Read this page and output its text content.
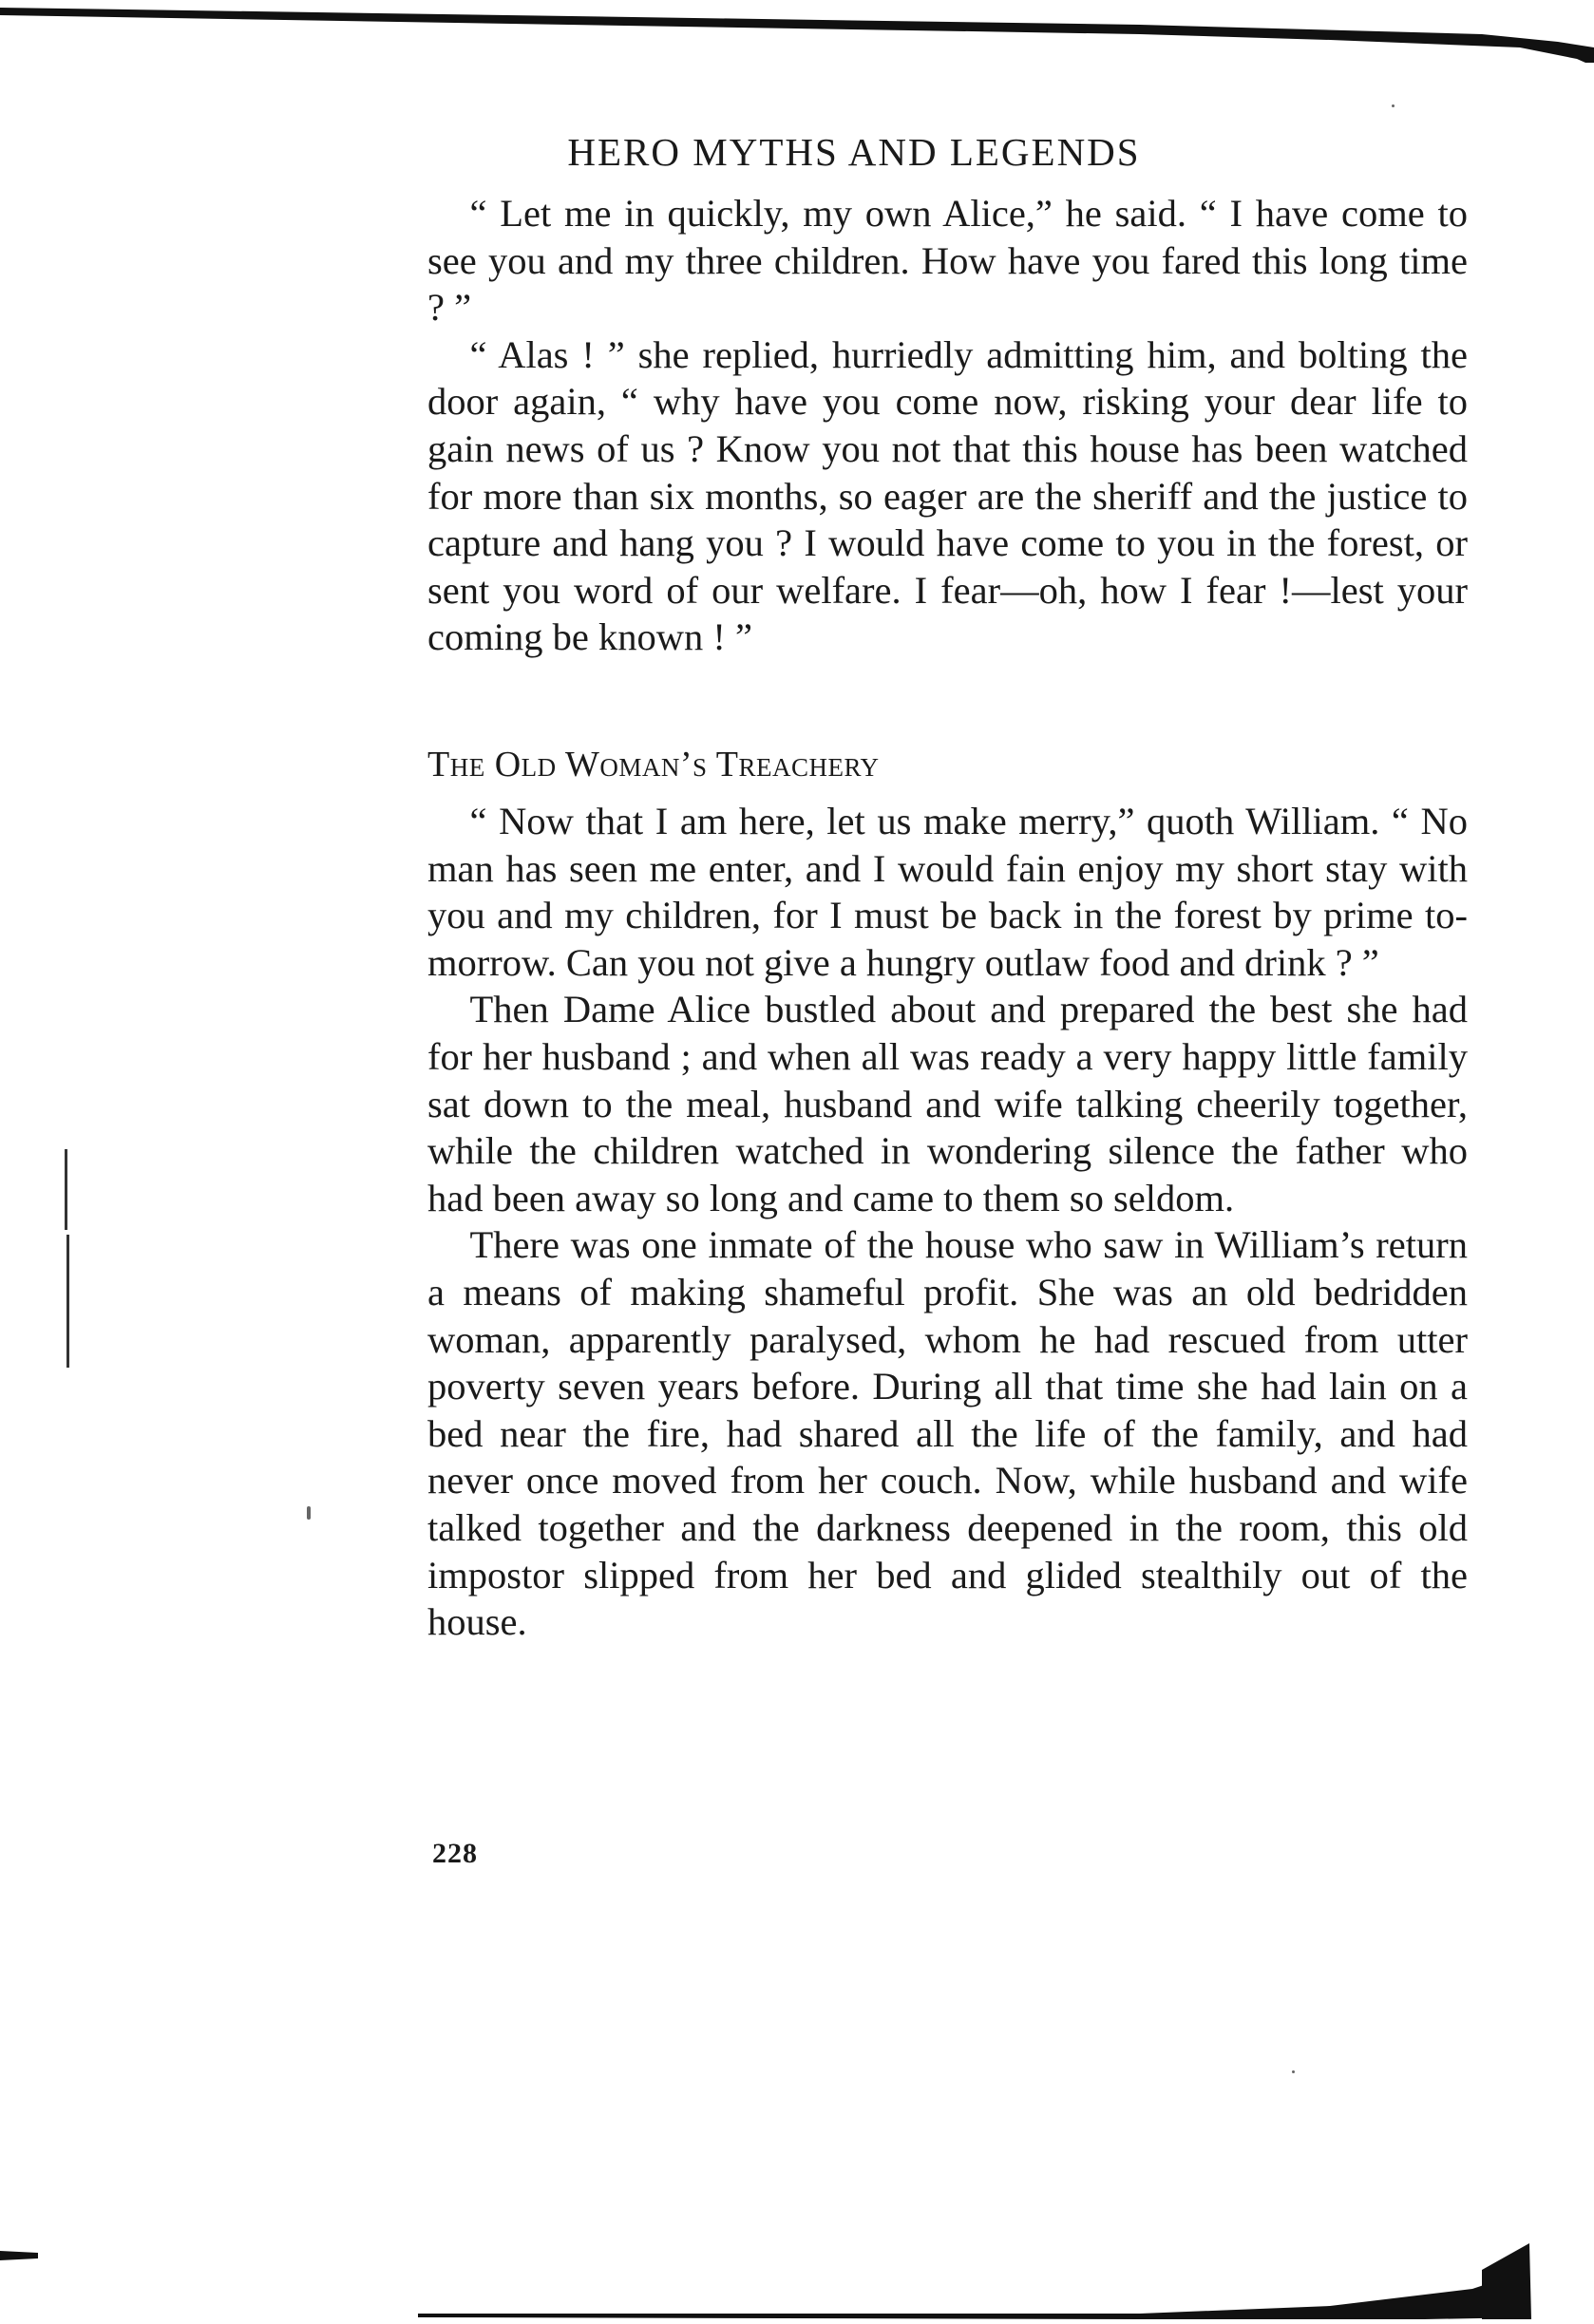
HERO MYTHS AND LEGENDS

“ Let me in quickly, my own Alice,” he said. “ I have come to see you and my three children. How have you fared this long time ? ”

“ Alas ! ” she replied, hurriedly admitting him, and bolting the door again, “ why have you come now, risking your dear life to gain news of us ? Know you not that this house has been watched for more than six months, so eager are the sheriff and the justice to capture and hang you ? I would have come to you in the forest, or sent you word of our welfare. I fear—oh, how I fear !—lest your coming be known ! ”

The Old Woman’s Treachery

“ Now that I am here, let us make merry,” quoth William. “ No man has seen me enter, and I would fain enjoy my short stay with you and my children, for I must be back in the forest by prime to-morrow. Can you not give a hungry outlaw food and drink ? ”

Then Dame Alice bustled about and prepared the best she had for her husband ; and when all was ready a very happy little family sat down to the meal, husband and wife talking cheerily together, while the children watched in wondering silence the father who had been away so long and came to them so seldom.

There was one inmate of the house who saw in William’s return a means of making shameful profit. She was an old bedridden woman, apparently paralysed, whom he had rescued from utter poverty seven years before. During all that time she had lain on a bed near the fire, had shared all the life of the family, and had never once moved from her couch. Now, while husband and wife talked together and the darkness deepened in the room, this old impostor slipped from her bed and glided stealthily out of the house.

228
